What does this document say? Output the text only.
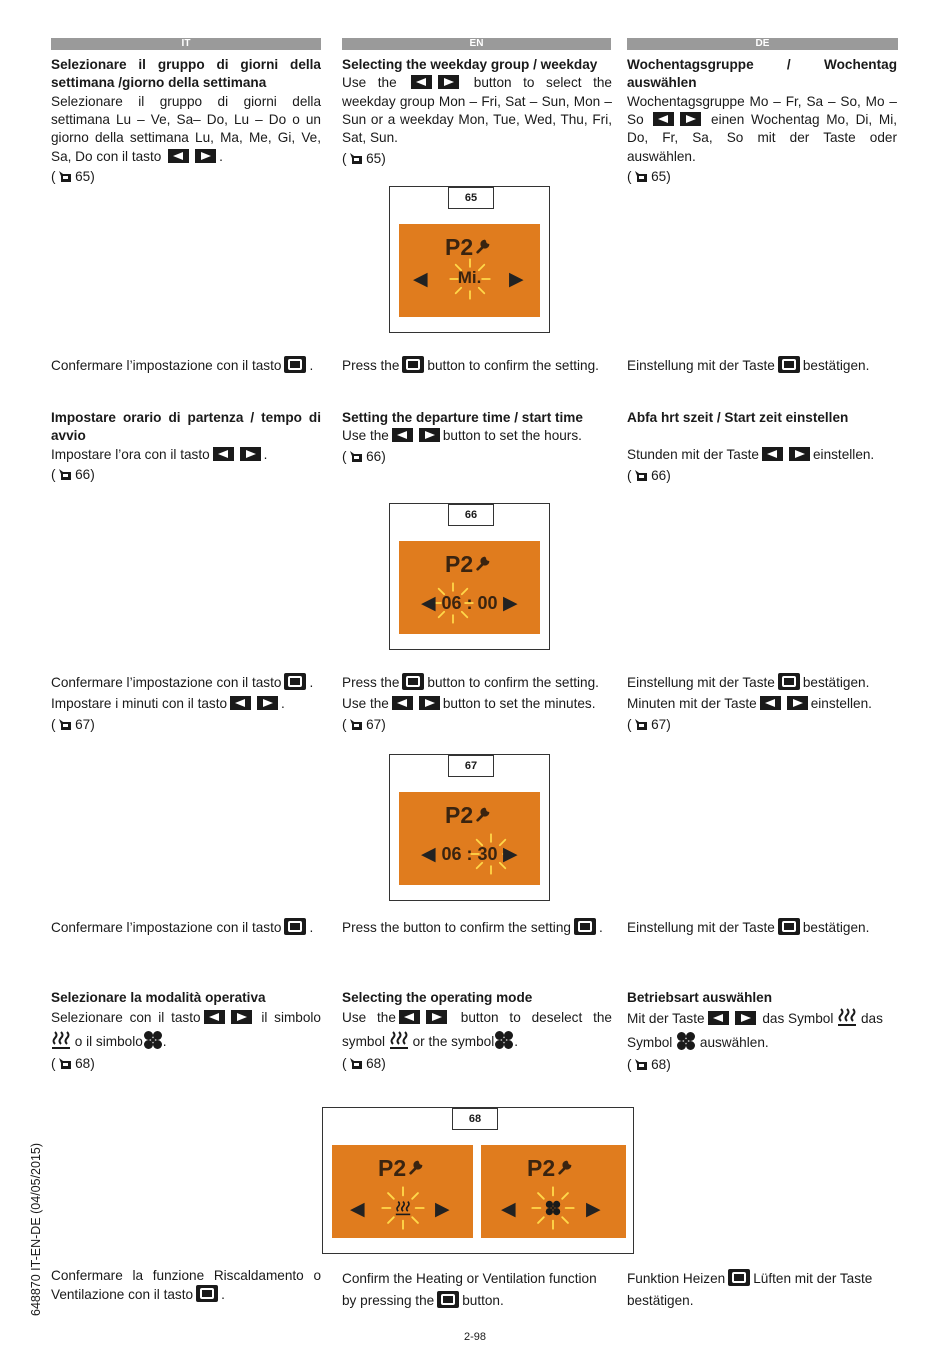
IT	EN	DE

Selezionare il gruppo di giorni della settimana /giorno della settimana

Selezionare il gruppo di giorni della settimana Lu – Ve, Sa– Do, Lu – Do o un giorno della settimana Lu, Ma, Me, Gi, Ve, Sa, Do con il tasto	.

( 65)

Selecting the weekday group / weekday

Use the	button to select the weekday group Mon – Fri, Sat – Sun, Mon – Sun or a weekday Mon, Tue, Wed, Thu, Fri, Sat, Sun.

( 65)

Wochentagsgruppe / Wochentag auswählen

Wochentagsgruppe Mo – Fr, Sa – So, Mo – So	einen Wochentag Mo, Di, Mi, Do, Fr, Sa, So mit der Taste oder auswählen.

( 65)

65
P2
◀	▶
Mi.

Confermare l’impostazione con il tasto .	Press the button to confirm the setting.	Einstellung mit der Taste bestätigen.

Impostare orario di partenza / tempo di avvio

Impostare l’ora con il tasto	.

( 66)

Setting the departure time / start time

Use the	button to set the hours.

( 66)

Abfa hrt szeit / Start zeit einstellen

Stunden mit der Taste	einstellen.

( 66)

66
P2
◀	▶
06 : 00

Confermare l’impostazione con il tasto .

Impostare i minuti con il tasto	.

( 67)

Press the button to confirm the setting.

Use the	button to set the minutes.

( 67)

Einstellung mit der Taste bestätigen.

Minuten mit der Taste	einstellen.

( 67)

67
P2
◀	▶
06 : 30

Confermare l’impostazione con il tasto .	Press the button to confirm the setting .	Einstellung mit der Taste bestätigen.

Selezionare la modalità operativa

Selezionare con il tasto	il simbolo  o il simbolo .

( 68)

Selecting the operating mode

Use the	button to deselect the symbol or the symbol .

( 68)

Betriebsart auswählen

Mit der Taste	das Symbol das Symbol auswählen.

( 68)

68
P2
◀	▶
P2
◀	▶

Confermare la funzione Riscaldamento o Ventilazione con il tasto .

Confirm the Heating or Ventilation function by pressing the button.

Funktion Heizen Lüften mit der Taste bestätigen.

2-98
648870 IT-EN-DE (04/05/2015)
